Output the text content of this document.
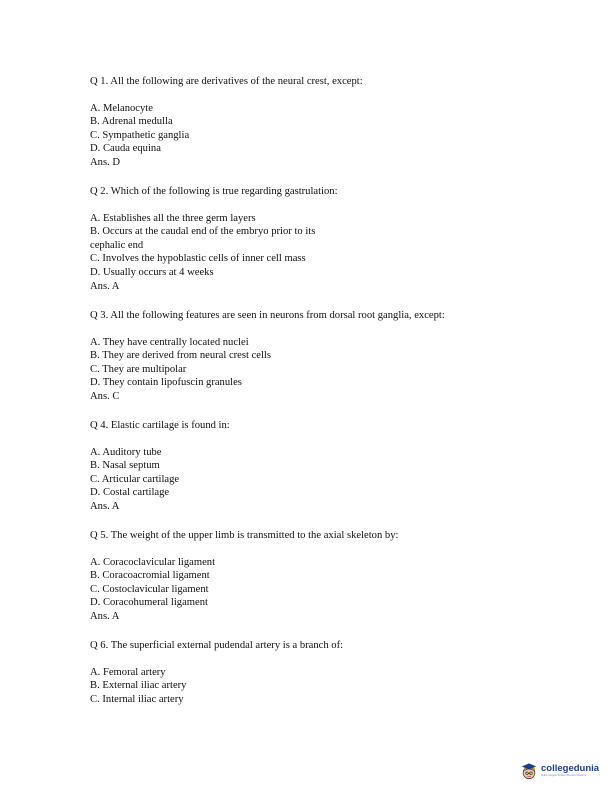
Q 1. All the following are derivatives of the neural crest, except:

A. Melanocyte

B. Adrenal medulla

C. Sympathetic ganglia

D. Cauda equina

Ans. D

Q 2. Which of the following is true regarding gastrulation:

A. Establishes all the three germ layers

B. Occurs at the caudal end of the embryo prior to its cephalic end

C. Involves the hypoblastic cells of inner cell mass

D. Usually occurs at 4 weeks

Ans. A

Q 3. All the following features are seen in neurons from dorsal root ganglia, except:

A. They have centrally located nuclei

B. They are derived from neural crest cells

C. They are multipolar

D. They contain lipofuscin granules

Ans. C

Q 4. Elastic cartilage is found in:

A. Auditory tube

B. Nasal septum

C. Articular cartilage

D. Costal cartilage

Ans. A

Q 5. The weight of the upper limb is transmitted to the axial skeleton by:

A. Coracoclavicular ligament

B. Coracoacromial ligament

C. Costoclavicular ligament

D. Coracohumeral ligament

Ans. A

Q 6. The superficial external pudendal artery is a branch of:

A. Femoral artery

B. External iliac artery

C. Internal iliac artery

collegedunia
India's largest Student Review Platform
